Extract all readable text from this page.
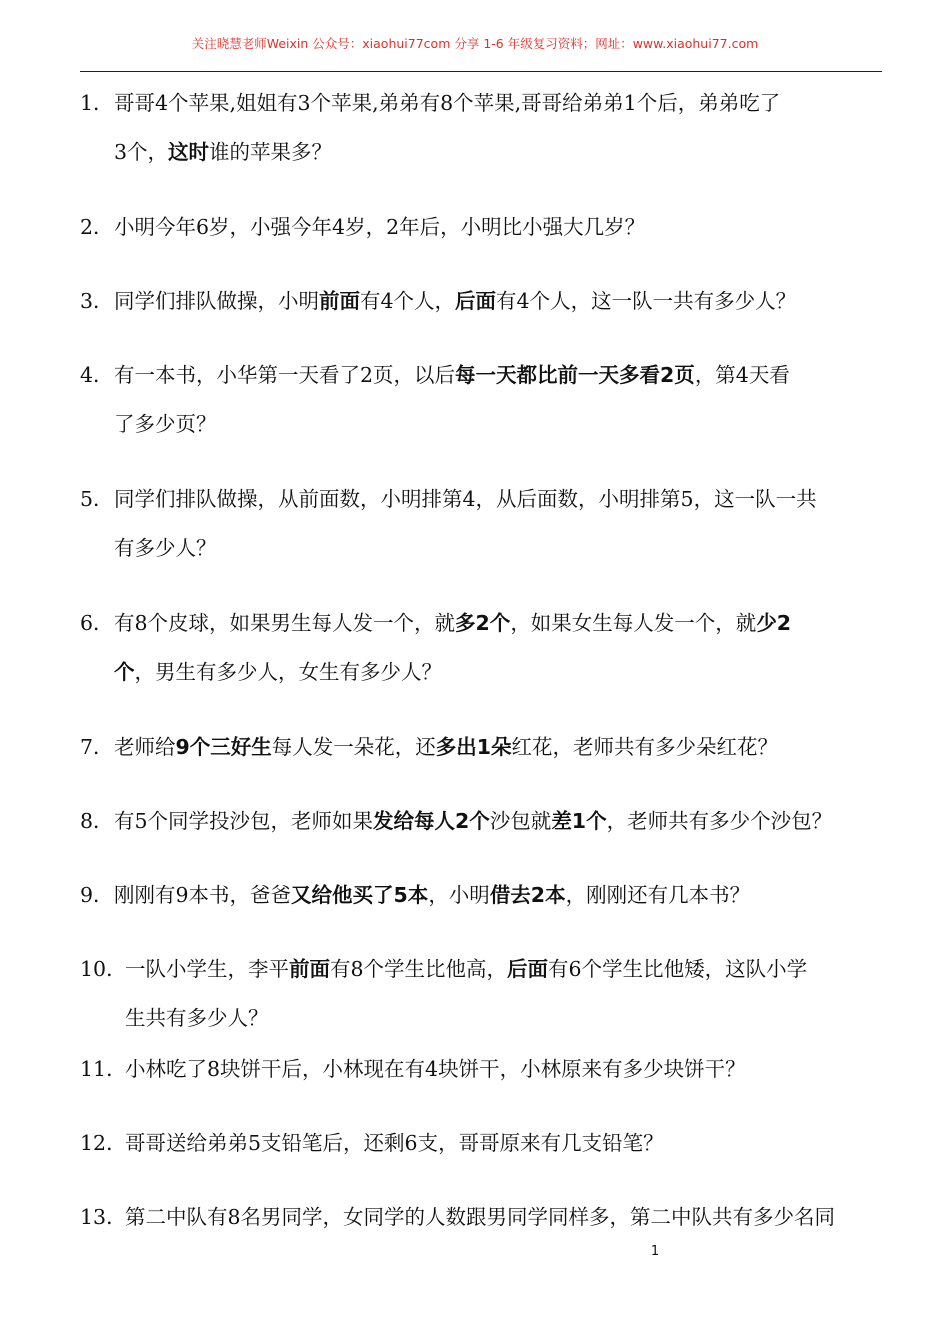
关注晓慧老师Weixin 公众号：xiaohui77com 分享 1-6 年级复习资料；网址：www.xiaohui77.com
1．哥哥4个苹果,姐姐有3个苹果,弟弟有8个苹果,哥哥给弟弟1个后，弟弟吃了
3个，这时谁的苹果多？
2．小明今年6岁，小强今年4岁，2年后，小明比小强大几岁？
3．同学们排队做操，小明前面有4个人，后面有4个人，这一队一共有多少人？
4．有一本书，小华第一天看了2页，以后每一天都比前一天多看2页，第4天看
了多少页？
5．同学们排队做操，从前面数，小明排第4，从后面数，小明排第5，这一队一共
有多少人？
6．有8个皮球，如果男生每人发一个，就多2个，如果女生每人发一个，就少2
个，男生有多少人，女生有多少人？
7．老师给9个三好生每人发一朵花，还多出1朵红花，老师共有多少朵红花？
8．有5个同学投沙包，老师如果发给每人2个沙包就差1个，老师共有多少个沙包？
9．刚刚有9本书，爸爸又给他买了5本，小明借去2本，刚刚还有几本书？
10．一队小学生，李平前面有8个学生比他高，后面有6个学生比他矮，这队小学
生共有多少人？
11．小林吃了8块饼干后，小林现在有4块饼干，小林原来有多少块饼干？
12．哥哥送给弟弟5支铅笔后，还剩6支，哥哥原来有几支铅笔？
13．第二中队有8名男同学，女同学的人数跟男同学同样多，第二中队共有多少名同
1
